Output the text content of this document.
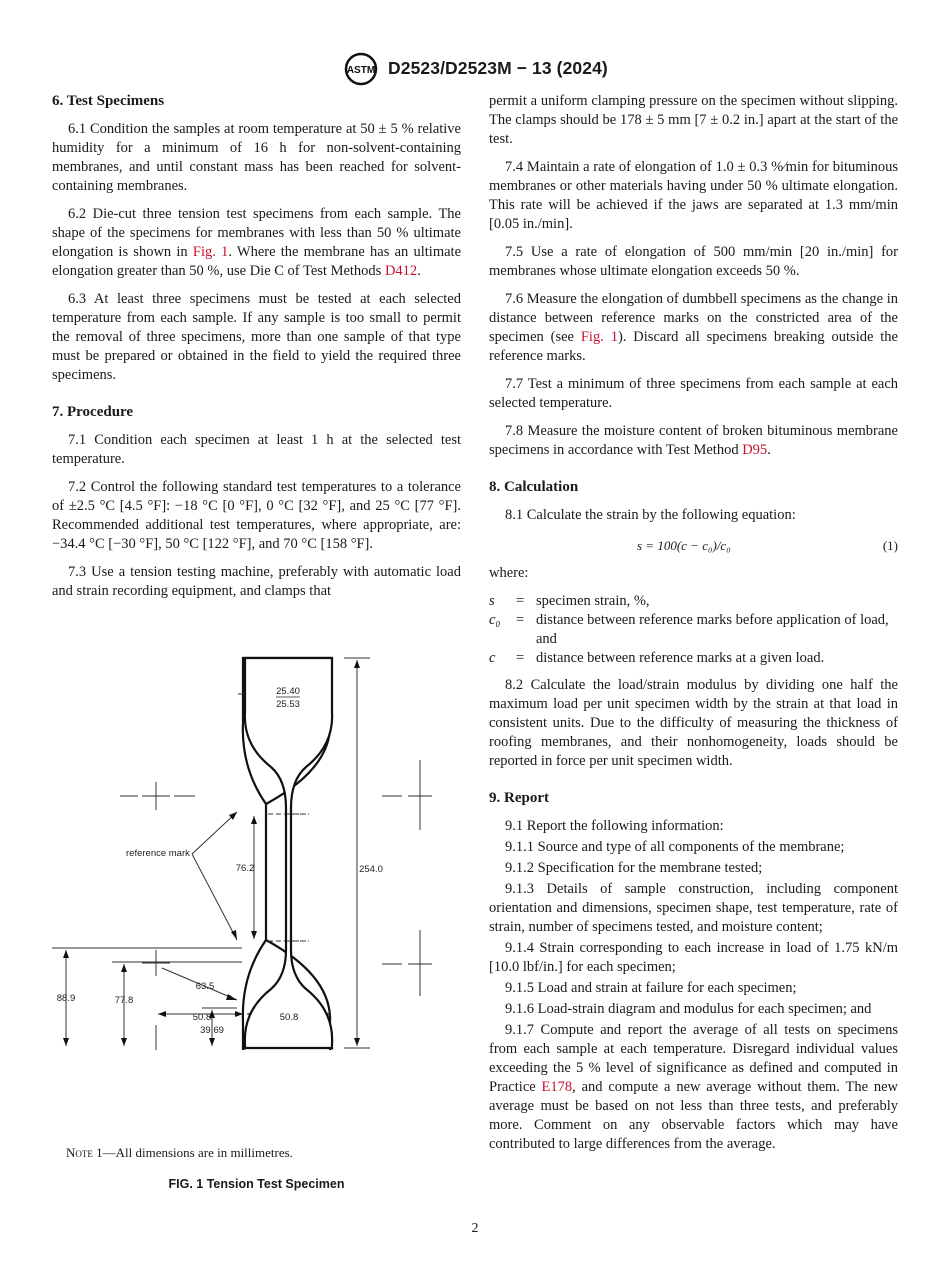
ASTM D2523/D2523M − 13 (2024)
6. Test Specimens

6.1 Condition the samples at room temperature at 50 ± 5 % relative humidity for a minimum of 16 h for non-solvent-containing membranes, and until constant mass has been reached for solvent-containing membranes.

6.2 Die-cut three tension test specimens from each sample. The shape of the specimens for membranes with less than 50 % ultimate elongation is shown in Fig. 1. Where the membrane has an ultimate elongation greater than 50 %, use Die C of Test Methods D412.

6.3 At least three specimens must be tested at each selected temperature from each sample. If any sample is too small to permit the removal of three specimens, more than one sample of that type must be prepared or obtained in the field to yield the required three specimens.

7. Procedure

7.1 Condition each specimen at least 1 h at the selected test temperature.

7.2 Control the following standard test temperatures to a tolerance of ±2.5 °C [4.5 °F]: −18 °C [0 °F], 0 °C [32 °F], and 25 °C [77 °F]. Recommended additional test temperatures, where appropriate, are: −34.4 °C [−30 °F], 50 °C [122 °F], and 70 °C [158 °F].

7.3 Use a tension testing machine, preferably with automatic load and strain recording equipment, and clamps that

25.40
25.53
254.0
76.2
reference mark
63.5
88.9	77.8
39.69
50.8	50.8
Note 1—All dimensions are in millimetres.
FIG. 1 Tension Test Specimen

permit a uniform clamping pressure on the specimen without slipping. The clamps should be 178 ± 5 mm [7 ± 0.2 in.] apart at the start of the test.

7.4 Maintain a rate of elongation of 1.0 ± 0.3 %⁄min for bituminous membranes or other materials having under 50 % ultimate elongation. This rate will be achieved if the jaws are separated at 1.3 mm/min [0.05 in./min].

7.5 Use a rate of elongation of 500 mm/min [20 in./min] for membranes whose ultimate elongation exceeds 50 %.

7.6 Measure the elongation of dumbbell specimens as the change in distance between reference marks on the constricted area of the specimen (see Fig. 1). Discard all specimens breaking outside the reference marks.

7.7 Test a minimum of three specimens from each sample at each selected temperature.

7.8 Measure the moisture content of broken bituminous membrane specimens in accordance with Test Method D95.

8. Calculation

8.1 Calculate the strain by the following equation:

s = 100(c − c₀)/c₀	(1)

where:

s = specimen strain, %,
c₀ = distance between reference marks before application of load, and
c = distance between reference marks at a given load.

8.2 Calculate the load/strain modulus by dividing one half the maximum load per unit specimen width by the strain at that load in consistent units. Due to the difficulty of measuring the thickness of roofing membranes, and their nonhomogeneity, loads should be reported in force per unit specimen width.

9. Report

9.1 Report the following information:

9.1.1 Source and type of all components of the membrane;

9.1.2 Specification for the membrane tested;

9.1.3 Details of sample construction, including component orientation and dimensions, specimen shape, test temperature, rate of strain, number of specimens tested, and moisture content;

9.1.4 Strain corresponding to each increase in load of 1.75 kN/m [10.0 lbf/in.] for each specimen;

9.1.5 Load and strain at failure for each specimen;

9.1.6 Load-strain diagram and modulus for each specimen; and

9.1.7 Compute and report the average of all tests on specimens from each sample at each temperature. Disregard individual values exceeding the 5 % level of significance as defined and computed in Practice E178, and compute a new average without them. The new average must be based on not less than three tests, and preferably more. Comment on any observable factors which may have contributed to large differences from the average.

2
